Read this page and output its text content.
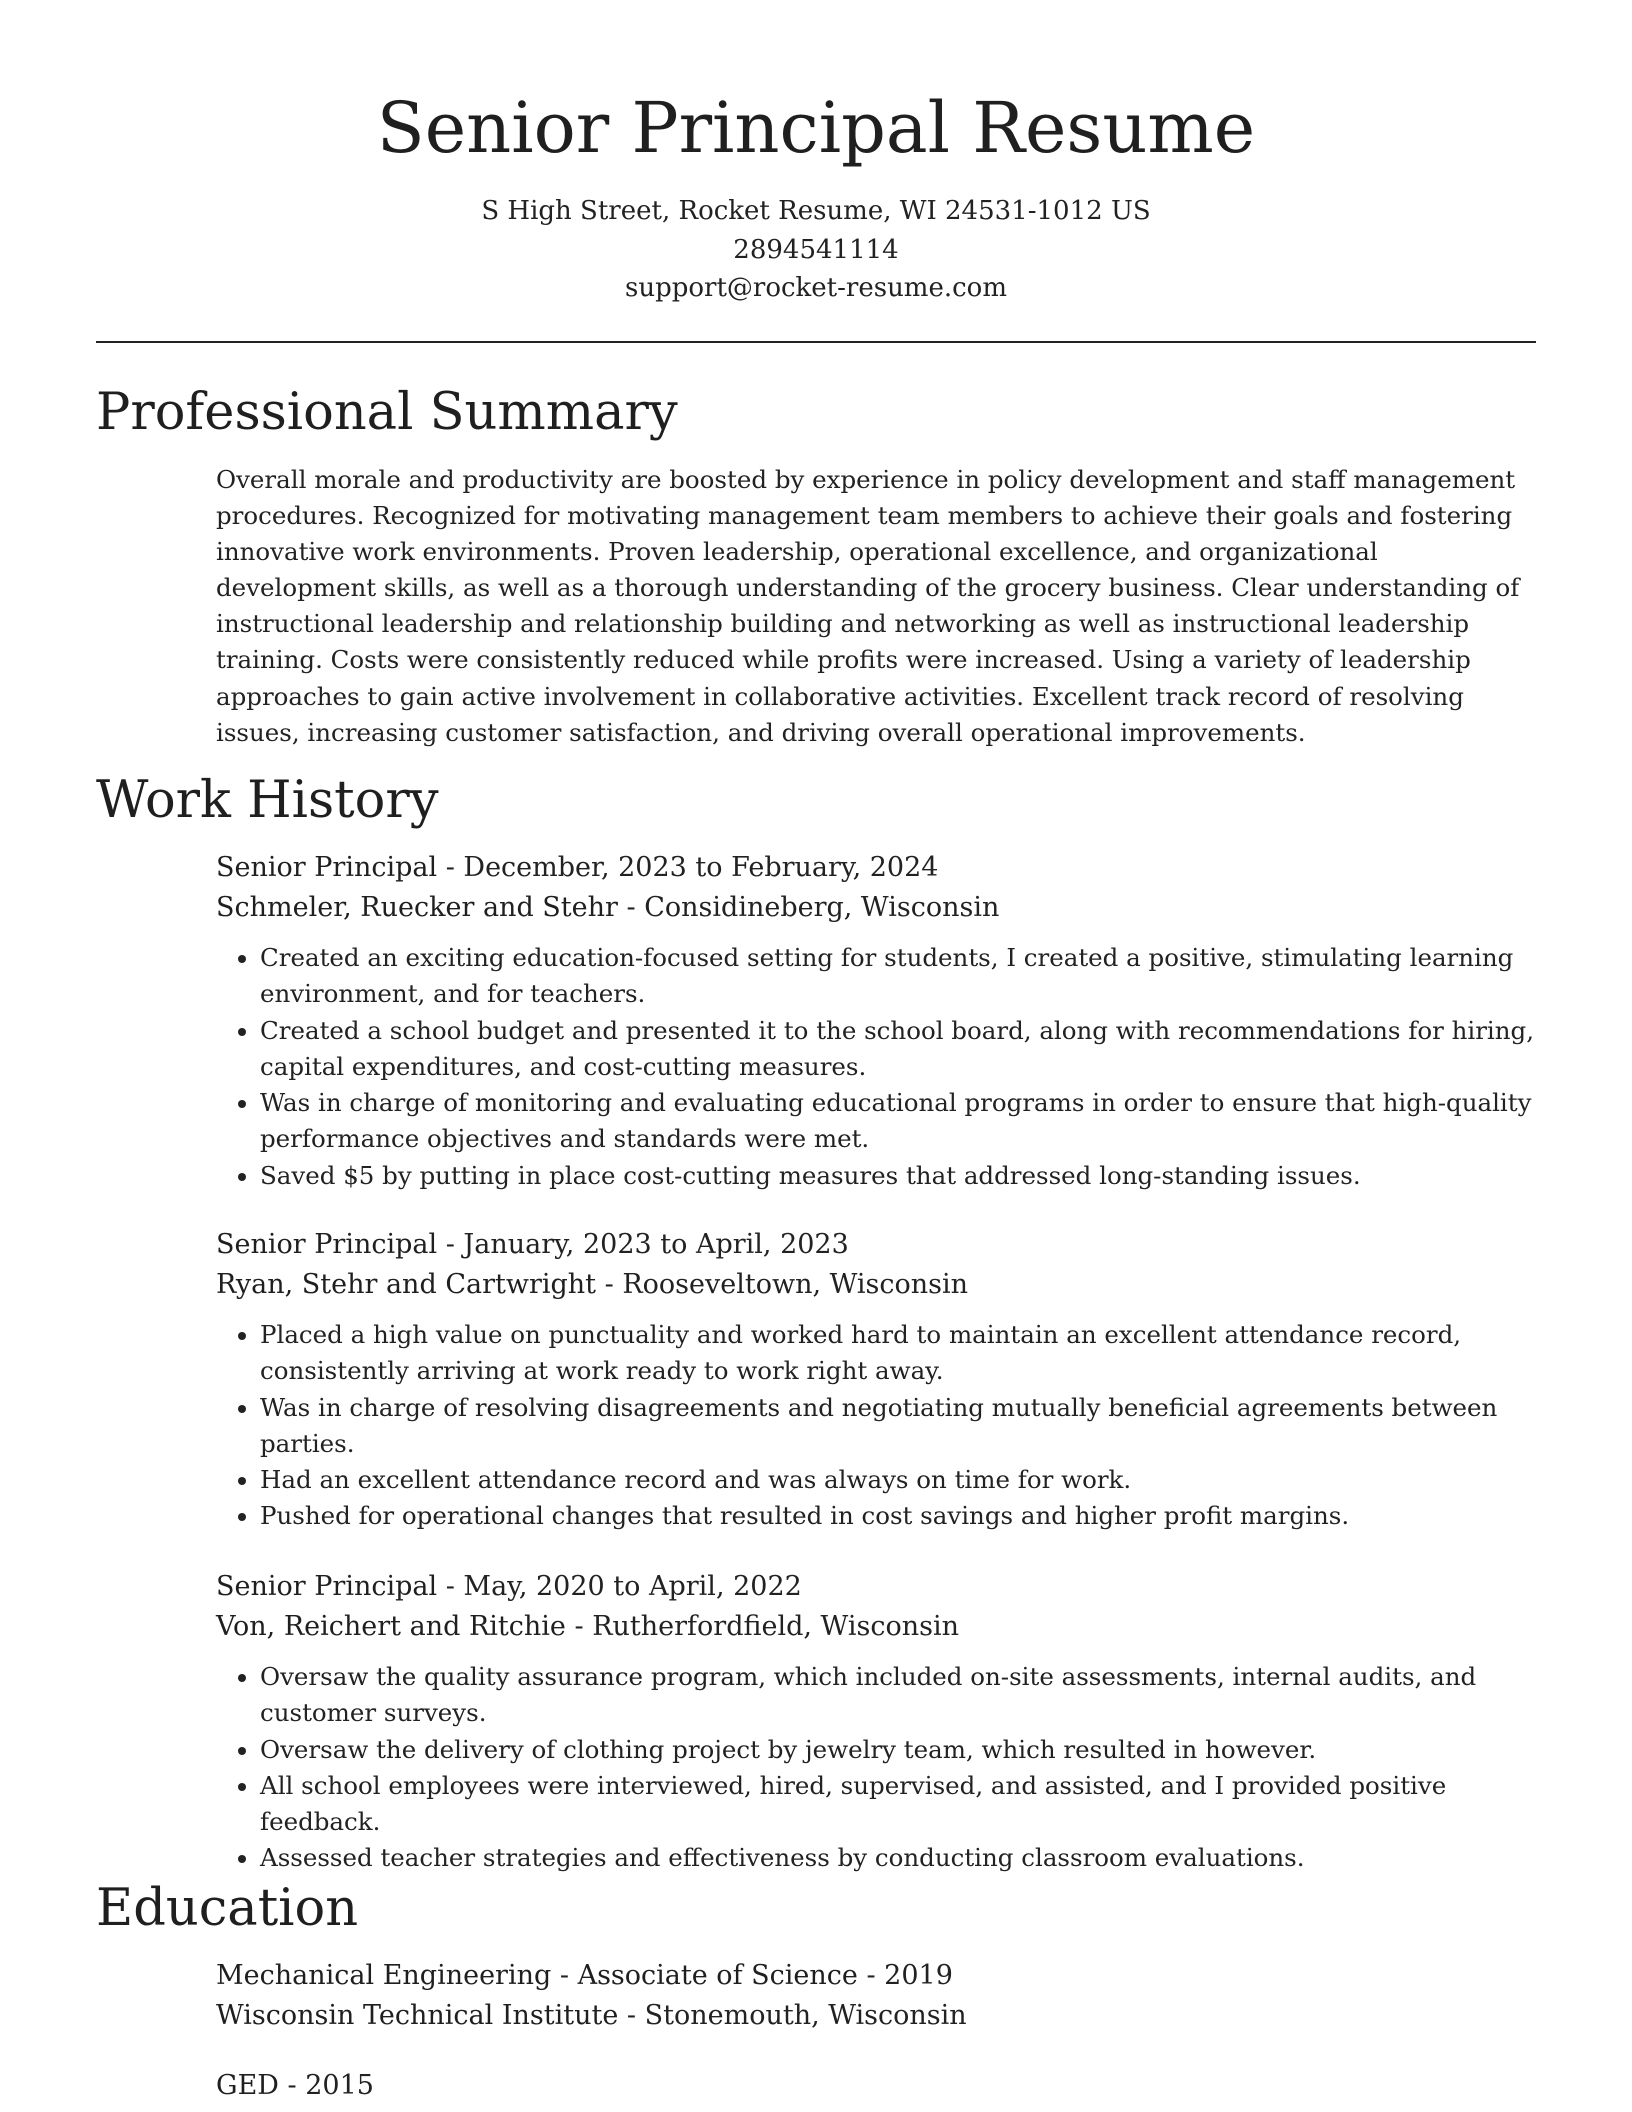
Senior Principal Resume
S High Street, Rocket Resume, WI 24531-1012 US
2894541114
support@rocket-resume.com
Professional Summary

Overall morale and productivity are boosted by experience in policy development and staff management procedures. Recognized for motivating management team members to achieve their goals and fostering innovative work environments. Proven leadership, operational excellence, and organizational development skills, as well as a thorough understanding of the grocery business. Clear understanding of instructional leadership and relationship building and networking as well as instructional leadership training. Costs were consistently reduced while profits were increased. Using a variety of leadership approaches to gain active involvement in collaborative activities. Excellent track record of resolving issues, increasing customer satisfaction, and driving overall operational improvements.

Work History
Senior Principal - December, 2023 to February, 2024
Schmeler, Ruecker and Stehr - Considineberg, Wisconsin
• Created an exciting education-focused setting for students, I created a positive, stimulating learning environment, and for teachers.
• Created a school budget and presented it to the school board, along with recommendations for hiring, capital expenditures, and cost-cutting measures.
• Was in charge of monitoring and evaluating educational programs in order to ensure that high-quality performance objectives and standards were met.
• Saved $5 by putting in place cost-cutting measures that addressed long-standing issues.
Senior Principal - January, 2023 to April, 2023
Ryan, Stehr and Cartwright - Rooseveltown, Wisconsin
• Placed a high value on punctuality and worked hard to maintain an excellent attendance record, consistently arriving at work ready to work right away.
• Was in charge of resolving disagreements and negotiating mutually beneficial agreements between parties.
• Had an excellent attendance record and was always on time for work.
• Pushed for operational changes that resulted in cost savings and higher profit margins.
Senior Principal - May, 2020 to April, 2022
Von, Reichert and Ritchie - Rutherfordfield, Wisconsin
• Oversaw the quality assurance program, which included on-site assessments, internal audits, and customer surveys.
• Oversaw the delivery of clothing project by jewelry team, which resulted in however.
• All school employees were interviewed, hired, supervised, and assisted, and I provided positive feedback.
• Assessed teacher strategies and effectiveness by conducting classroom evaluations.
Education
Mechanical Engineering - Associate of Science - 2019
Wisconsin Technical Institute - Stonemouth, Wisconsin
GED - 2015
